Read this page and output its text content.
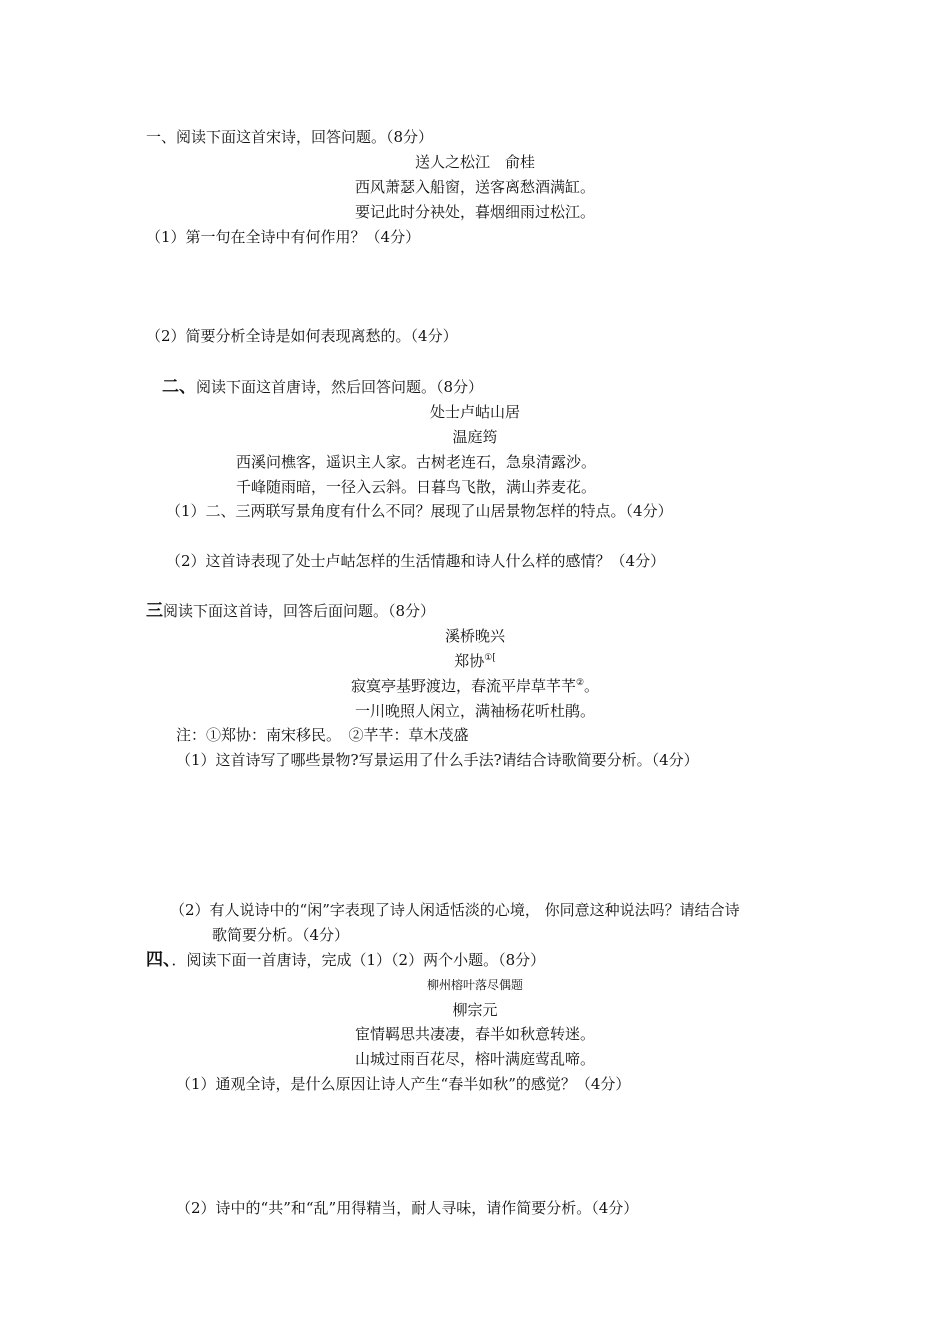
一、阅读下面这首宋诗，回答问题。（8分）
送人之松江　俞桂
西风萧瑟入船窗，送客离愁酒满缸。
要记此时分袂处，暮烟细雨过松江。
（1）第一句在全诗中有何作用？（4分）
（2）简要分析全诗是如何表现离愁的。（4分）
二、阅读下面这首唐诗，然后回答问题。（8分）
处士卢岵山居
温庭筠
西溪问樵客，遥识主人家。古树老连石，急泉清露沙。
千峰随雨暗，一径入云斜。日暮鸟飞散，满山荞麦花。
（1）二、三两联写景角度有什么不同？展现了山居景物怎样的特点。（4分）
（2）这首诗表现了处士卢岵怎样的生活情趣和诗人什么样的感情？（4分）
三阅读下面这首诗，回答后面问题。（8分）
溪桥晚兴
郑协①[
寂寞亭基野渡边，春流平岸草芊芊②。
一川晚照人闲立，满袖杨花听杜鹃。
注：①郑协：南宋移民。　②芊芊：草木茂盛
（1）这首诗写了哪些景物?写景运用了什么手法?请结合诗歌简要分析。（4分）
（2）有人说诗中的“闲”字表现了诗人闲适恬淡的心境， 你同意这种说法吗？请结合诗
歌简要分析。（4分）
四、．阅读下面一首唐诗，完成（1）（2）两个小题。（8分）
柳州榕叶落尽偶题
柳宗元
宦情羁思共凄凄，春半如秋意转迷。
山城过雨百花尽，榕叶满庭莺乱啼。
（1）通观全诗，是什么原因让诗人产生“春半如秋”的感觉？（4分）
（2）诗中的“共”和“乱”用得精当，耐人寻味，请作简要分析。（4分）
